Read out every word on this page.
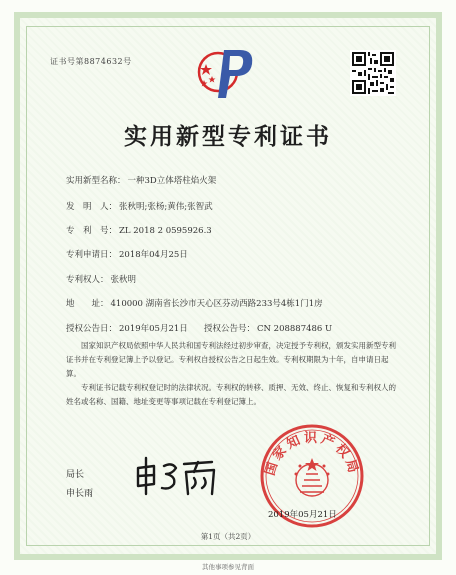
证书号第8874632号
实用新型专利证书
实用新型名称： 一种3D立体塔柱焰火架
发　明　人： 张秋明;张杨;黄伟;张智武
专　利　号： ZL 2018 2 0595926.3
专利申请日： 2018年04月25日
专利权人： 张秋明
地　　址： 410000 湖南省长沙市天心区芬动西路233号4栋1门1房
授权公告日： 2019年05月21日 授权公告号： CN 208887486 U
国家知识产权局依照中华人民共和国专利法经过初步审查，决定授予专利权，颁发实用新型专利证书并在专利登记簿上予以登记。专利权自授权公告之日起生效。专利权期限为十年，自申请日起算。
专利证书记载专利权登记时的法律状况。专利权的转移、质押、无效、终止、恢复和专利权人的姓名或名称、国籍、地址变更等事项记载在专利登记簿上。
局长
申长雨
国家知识产权局
2019年05月21日
第1页（共2页）
其他事项参见背面
